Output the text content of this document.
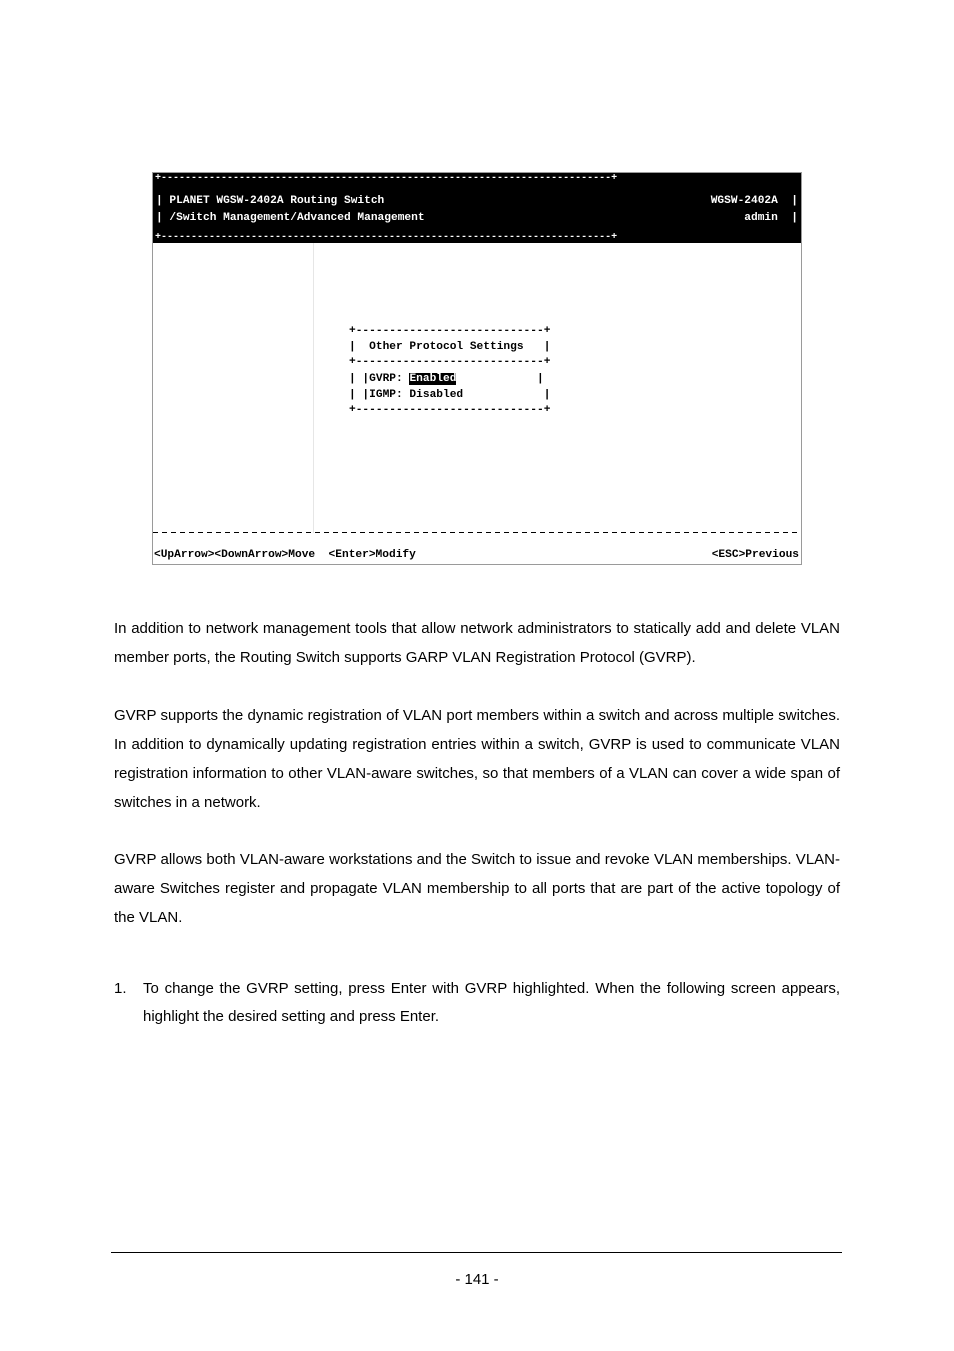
+---------------------------------------------------------------------------+
| PLANET WGSW-2402A Routing Switch	WGSW-2402A  |
| /Switch Management/Advanced Management	admin  |
+---------------------------------------------------------------------------+
+----------------------------+
|  Other Protocol Settings   |
+----------------------------+
| |GVRP: Enabled            |
| |IGMP: Disabled            |
+----------------------------+
<UpArrow><DownArrow>Move  <Enter>Modify	<ESC>Previous

In addition to network management tools that allow network administrators to statically add and delete VLAN member ports, the Routing Switch supports GARP VLAN Registration Protocol (GVRP).

GVRP supports the dynamic registration of VLAN port members within a switch and across multiple switches. In addition to dynamically updating registration entries within a switch, GVRP is used to communicate VLAN registration information to other VLAN-aware switches, so that members of a VLAN can cover a wide span of switches in a network.

GVRP allows both VLAN-aware workstations and the Switch to issue and revoke VLAN memberships. VLAN-aware Switches register and propagate VLAN membership to all ports that are part of the active topology of the VLAN.

1. To change the GVRP setting, press Enter with GVRP highlighted. When the following screen appears, highlight the desired setting and press Enter.
- 141 -
